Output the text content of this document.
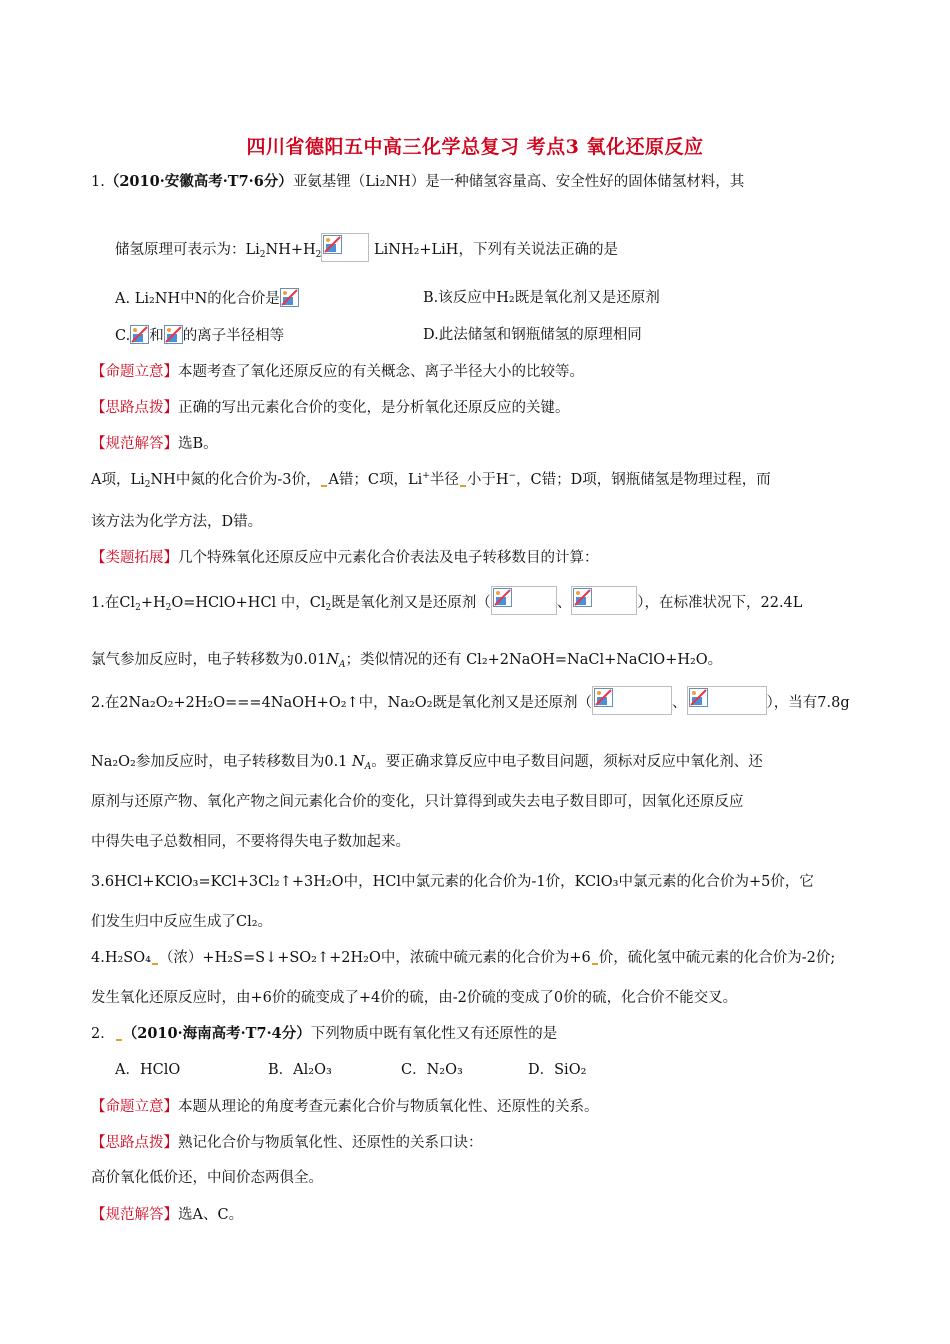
四川省德阳五中高三化学总复习 考点3 氧化还原反应
1.（2010·安徽高考·T7·6分）亚氨基锂（Li₂NH）是一种储氢容量高、安全性好的固体储氢材料，其
储氢原理可表示为：$Li_2NH+H_2$	LiNH₂+LiH，下列有关说法正确的是
A. Li₂NH中N的化合价是	B.该反应中H₂既是氧化剂又是还原剂
C. 和 的离子半径相等	D.此法储氢和钢瓶储氢的原理相同
【命题立意】本题考查了氧化还原反应的有关概念、离子半径大小的比较等。
【思路点拨】正确的写出元素化合价的变化，是分析氧化还原反应的关键。
【规范解答】选B。
A项，$Li_2NH$中氮的化合价为-3价， A错；C项，Li+半径 小于H−，C错；D项，钢瓶储氢是物理过程，而
该方法为化学方法，D错。
【类题拓展】几个特殊氧化还原反应中元素化合价表法及电子转移数目的计算：
1.在$Cl_2+H_2O=HClO+HCl$ 中，$Cl_2$既是氧化剂又是还原剂（	、	），在标准状况下，22.4L
氯气参加反应时，电子转移数为$0.01N_A$；类似情况的还有 Cl₂+2NaOH=NaCl+NaClO+H₂O。
2.在2Na₂O₂+2H₂O===4NaOH+O₂↑中，Na₂O₂既是氧化剂又是还原剂（	、	），当有7.8g
Na₂O₂参加反应时，电子转移数目为0.1 $N_A$。要正确求算反应中电子数目问题，须标对反应中氧化剂、还
原剂与还原产物、氧化产物之间元素化合价的变化，只计算得到或失去电子数目即可，因氧化还原反应
中得失电子总数相同，不要将得失电子数加起来。
3.6HCl+KClO₃=KCl+3Cl₂↑+3H₂O中，HCl中氯元素的化合价为-1价，KClO₃中氯元素的化合价为+5价，它
们发生归中反应生成了Cl₂。
4.H₂SO₄ （浓）+H₂S=S↓+SO₂↑+2H₂O中，浓硫中硫元素的化合价为+6 价，硫化氢中硫元素的化合价为-2价;
发生氧化还原反应时，由+6价的硫变成了+4价的硫，由-2价硫的变成了0价的硫，化合价不能交叉。
2． （2010·海南高考·T7·4分）下列物质中既有氧化性又有还原性的是
A．HClO	B．Al₂O₃	C．N₂O₃	D．SiO₂
【命题立意】本题从理论的角度考查元素化合价与物质氧化性、还原性的关系。
【思路点拨】熟记化合价与物质氧化性、还原性的关系口诀：
高价氧化低价还，中间价态两俱全。
【规范解答】选A、C。
